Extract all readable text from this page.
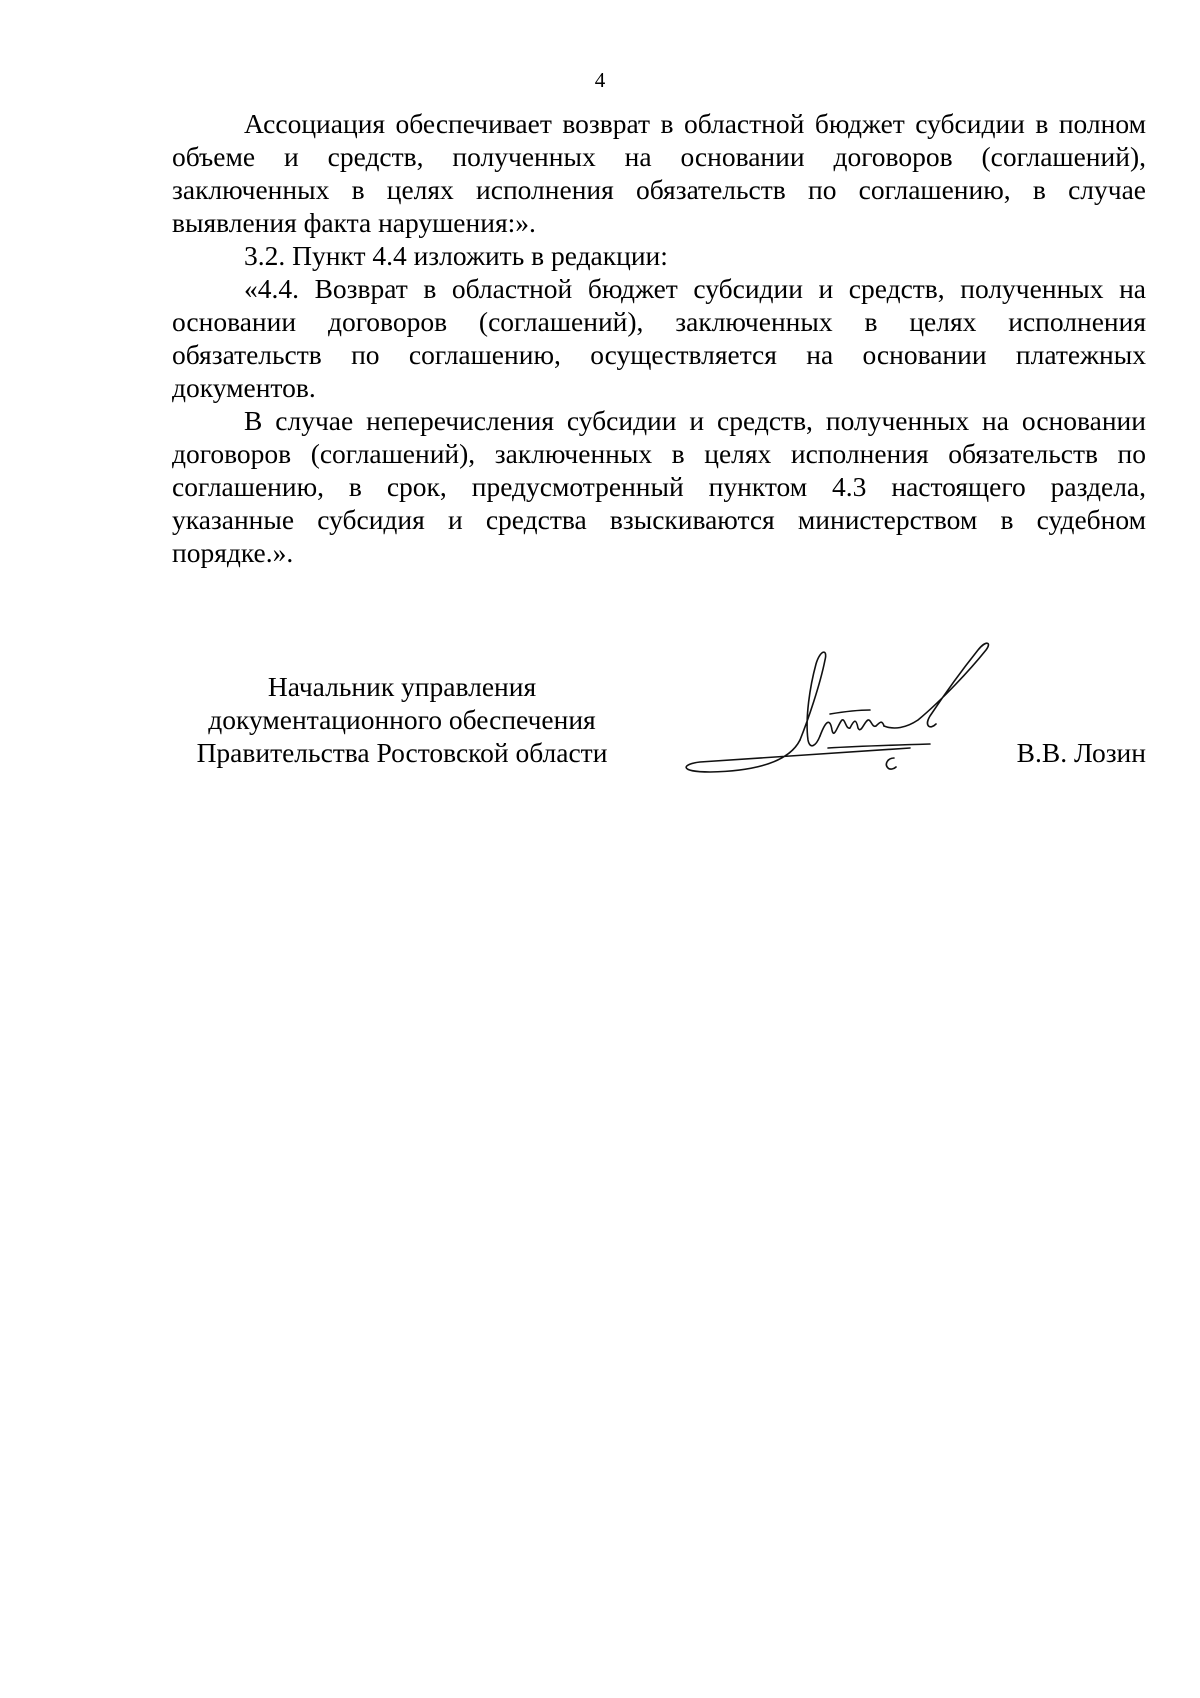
4

Ассоциация обеспечивает возврат в областной бюджет субсидии в полном объеме и средств, полученных на основании договоров (соглашений), заключенных в целях исполнения обязательств по соглашению, в случае выявления факта нарушения:».

3.2. Пункт 4.4 изложить в редакции:

«4.4. Возврат в областной бюджет субсидии и средств, полученных на основании договоров (соглашений), заключенных в целях исполнения обязательств по соглашению, осуществляется на основании платежных документов.

В случае неперечисления субсидии и средств, полученных на основании договоров (соглашений), заключенных в целях исполнения обязательств по соглашению, в срок, предусмотренный пунктом 4.3 настоящего раздела, указанные субсидия и средства взыскиваются министерством в судебном порядке.».

Начальник управления
документационного обеспечения
Правительства Ростовской области	В.В. Лозин
